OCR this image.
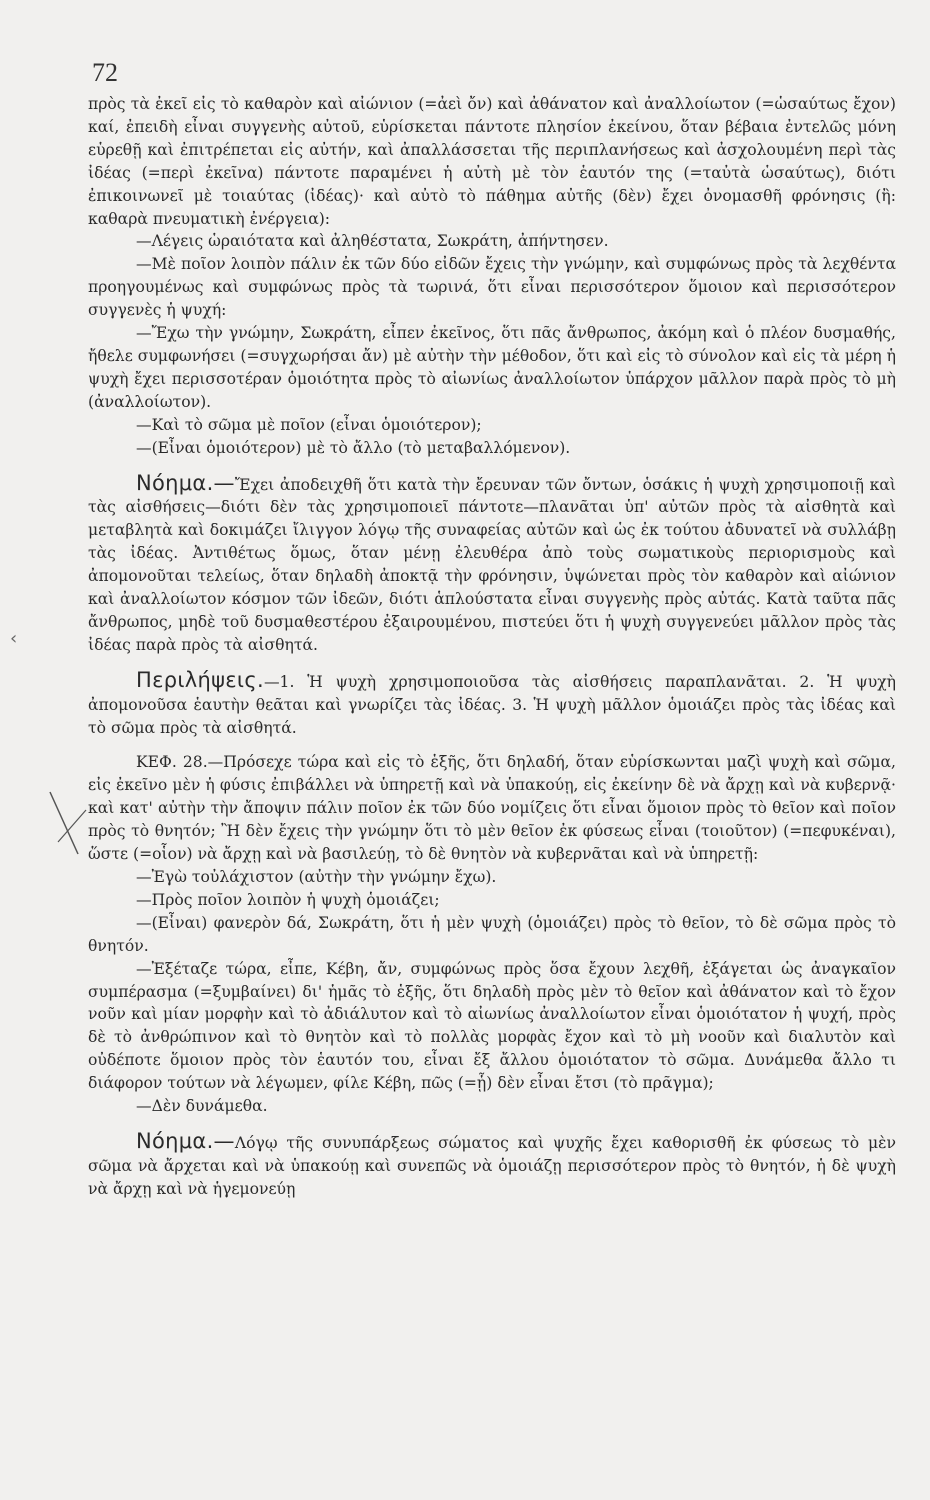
72
‹

πρὸς τὰ ἐκεῖ εἰς τὸ καθαρὸν καὶ αἰώνιον (=ἀεὶ ὄν) καὶ ἀθάνατον καὶ ἀναλλοίωτον (=ὡσαύτως ἔχον) καί, ἐπειδὴ εἶναι συγγενὴς αὐτοῦ, εὑρίσκεται πάντοτε πλησίον ἐκείνου, ὅταν βέβαια ἐντελῶς μόνη εὑρεθῇ καὶ ἐπιτρέπεται εἰς αὐτήν, καὶ ἀπαλλάσσεται τῆς περιπλανήσεως καὶ ἀσχολουμένη περὶ τὰς ἰδέας (=περὶ ἐκεῖνα) πάντοτε παραμένει ἡ αὐτὴ μὲ τὸν ἑαυτόν της (=ταὐτὰ ὡσαύτως), διότι ἐπικοινωνεῖ μὲ τοιαύτας (ἰδέας)· καὶ αὐτὸ τὸ πάθημα αὐτῆς (δὲν) ἔχει ὀνομασθῆ φρόνησις (ἢ: καθαρὰ πνευματικὴ ἐνέργεια):

—Λέγεις ὡραιότατα καὶ ἀληθέστατα, Σωκράτη, ἀπήντησεν.

—Μὲ ποῖον λοιπὸν πάλιν ἐκ τῶν δύο εἰδῶν ἔχεις τὴν γνώμην, καὶ συμφώνως πρὸς τὰ λεχθέντα προηγουμένως καὶ συμφώνως πρὸς τὰ τωρινά, ὅτι εἶναι περισσότερον ὅμοιον καὶ περισσότερον συγγενὲς ἡ ψυχή:

—Ἔχω τὴν γνώμην, Σωκράτη, εἶπεν ἐκεῖνος, ὅτι πᾶς ἄνθρωπος, ἀκόμη καὶ ὁ πλέον δυσμαθής, ἤθελε συμφωνήσει (=συγχωρήσαι ἄν) μὲ αὐτὴν τὴν μέθοδον, ὅτι καὶ εἰς τὸ σύνολον καὶ εἰς τὰ μέρη ἡ ψυχὴ ἔχει περισσοτέραν ὁμοιότητα πρὸς τὸ αἰωνίως ἀναλλοίωτον ὑπάρχον μᾶλλον παρὰ πρὸς τὸ μὴ (ἀναλλοίωτον).

—Καὶ τὸ σῶμα μὲ ποῖον (εἶναι ὁμοιότερον);

—(Εἶναι ὁμοιότερον) μὲ τὸ ἄλλο (τὸ μεταβαλλόμενον).

Νόημα.—Ἔχει ἀποδειχθῆ ὅτι κατὰ τὴν ἔρευναν τῶν ὄντων, ὁσάκις ἡ ψυχὴ χρησιμοποιῇ καὶ τὰς αἰσθήσεις—διότι δὲν τὰς χρησιμοποιεῖ πάντοτε—πλανᾶται ὑπ' αὐτῶν πρὸς τὰ αἰσθητὰ καὶ μεταβλητὰ καὶ δοκιμάζει ἴλιγγον λόγῳ τῆς συναφείας αὐτῶν καὶ ὡς ἐκ τούτου ἀδυνατεῖ νὰ συλλάβῃ τὰς ἰδέας. Ἀντιθέτως ὅμως, ὅταν μένῃ ἐλευθέρα ἀπὸ τοὺς σωματικοὺς περιορισμοὺς καὶ ἀπομονοῦται τελείως, ὅταν δηλαδὴ ἀποκτᾷ τὴν φρόνησιν, ὑψώνεται πρὸς τὸν καθαρὸν καὶ αἰώνιον καὶ ἀναλλοίωτον κόσμον τῶν ἰδεῶν, διότι ἁπλούστατα εἶναι συγγενὴς πρὸς αὐτάς. Κατὰ ταῦτα πᾶς ἄνθρωπος, μηδὲ τοῦ δυσμαθεστέρου ἐξαιρουμένου, πιστεύει ὅτι ἡ ψυχὴ συγγενεύει μᾶλλον πρὸς τὰς ἰδέας παρὰ πρὸς τὰ αἰσθητά.

Περιλήψεις.—1. Ἡ ψυχὴ χρησιμοποιοῦσα τὰς αἰσθήσεις παραπλανᾶται. 2. Ἡ ψυχὴ ἀπομονοῦσα ἑαυτὴν θεᾶται καὶ γνωρίζει τὰς ἰδέας. 3. Ἡ ψυχὴ μᾶλλον ὁμοιάζει πρὸς τὰς ἰδέας καὶ τὸ σῶμα πρὸς τὰ αἰσθητά.

ΚΕΦ. 28.—Πρόσεχε τώρα καὶ εἰς τὸ ἑξῆς, ὅτι δηλαδή, ὅταν εὑρίσκωνται μαζὶ ψυχὴ καὶ σῶμα, εἰς ἐκεῖνο μὲν ἡ φύσις ἐπιβάλλει νὰ ὑπηρετῇ καὶ νὰ ὑπακούῃ, εἰς ἐκείνην δὲ νὰ ἄρχῃ καὶ νὰ κυβερνᾷ· καὶ κατ' αὐτὴν τὴν ἄποψιν πάλιν ποῖον ἐκ τῶν δύο νομίζεις ὅτι εἶναι ὅμοιον πρὸς τὸ θεῖον καὶ ποῖον πρὸς τὸ θνητόν; Ἢ δὲν ἔχεις τὴν γνώμην ὅτι τὸ μὲν θεῖον ἐκ φύσεως εἶναι (τοιοῦτον) (=πεφυκέναι), ὥστε (=οἷον) νὰ ἄρχῃ καὶ νὰ βασιλεύῃ, τὸ δὲ θνητὸν νὰ κυβερνᾶται καὶ νὰ ὑπηρετῇ:

—Ἐγὼ τοὐλάχιστον (αὐτὴν τὴν γνώμην ἔχω).

—Πρὸς ποῖον λοιπὸν ἡ ψυχὴ ὁμοιάζει;

—(Εἶναι) φανερὸν δά, Σωκράτη, ὅτι ἡ μὲν ψυχὴ (ὁμοιάζει) πρὸς τὸ θεῖον, τὸ δὲ σῶμα πρὸς τὸ θνητόν.

—Ἐξέταζε τώρα, εἶπε, Κέβη, ἄν, συμφώνως πρὸς ὅσα ἔχουν λεχθῆ, ἐξάγεται ὡς ἀναγκαῖον συμπέρασμα (=ξυμβαίνει) δι' ἡμᾶς τὸ ἑξῆς, ὅτι δηλαδὴ πρὸς μὲν τὸ θεῖον καὶ ἀθάνατον καὶ τὸ ἔχον νοῦν καὶ μίαν μορφὴν καὶ τὸ ἀδιάλυτον καὶ τὸ αἰωνίως ἀναλλοίωτον εἶναι ὁμοιότατον ἡ ψυχή, πρὸς δὲ τὸ ἀνθρώπινον καὶ τὸ θνητὸν καὶ τὸ πολλὰς μορφὰς ἔχον καὶ τὸ μὴ νοοῦν καὶ διαλυτὸν καὶ οὐδέποτε ὅμοιον πρὸς τὸν ἑαυτόν του, εἶναι ἔξ ἄλλου ὁμοιότατον τὸ σῶμα. Δυνάμεθα ἄλλο τι διάφορον τούτων νὰ λέγωμεν, φίλε Κέβη, πῶς (=ᾗ) δὲν εἶναι ἔτσι (τὸ πρᾶγμα);

—Δὲν δυνάμεθα.

Νόημα.—Λόγῳ τῆς συνυπάρξεως σώματος καὶ ψυχῆς ἔχει καθορισθῆ ἐκ φύσεως τὸ μὲν σῶμα νὰ ἄρχεται καὶ νὰ ὑπακούῃ καὶ συνεπῶς νὰ ὁμοιάζῃ περισσότερον πρὸς τὸ θνητόν, ἡ δὲ ψυχὴ νὰ ἄρχῃ καὶ νὰ ἡγεμονεύῃ
